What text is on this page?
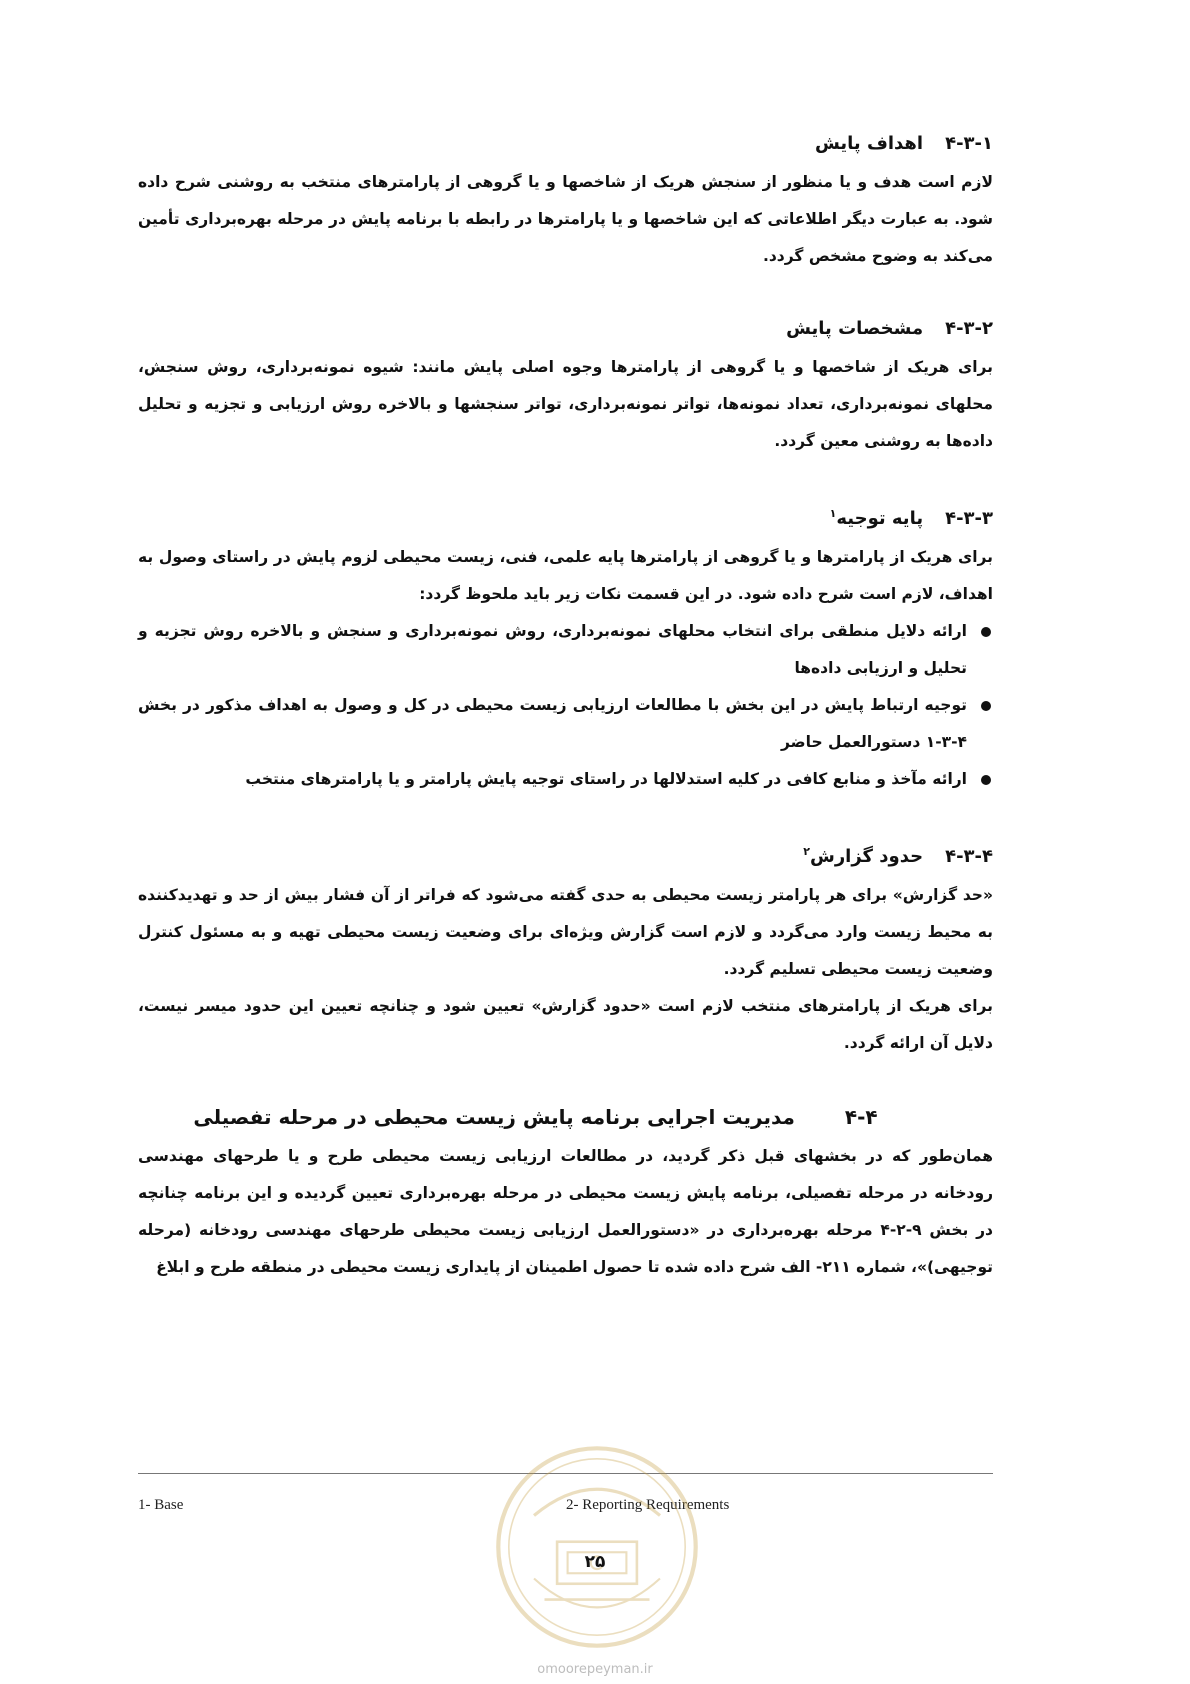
۴-۳-۱اهداف پایش

لازم است هدف و یا منظور از سنجش هریک از شاخصها و یا گروهی از پارامترهای منتخب به روشنی شرح داده شود. به عبارت دیگر اطلاعاتی که این شاخصها و یا پارامترها در رابطه با برنامه پایش در مرحله بهره‌برداری تأمین می‌کند به وضوح مشخص گردد.

۴-۳-۲مشخصات پایش

برای هریک از شاخصها و یا گروهی از پارامترها وجوه اصلی پایش مانند: شیوه نمونه‌برداری، روش سنجش، محلهای نمونه‌برداری، تعداد نمونه‌ها، تواتر نمونه‌برداری، تواتر سنجشها و بالاخره روش ارزیابی و تجزیه و تحلیل داده‌ها به روشنی معین گردد.

۴-۳-۳پایه توجیه$^۱$

برای هریک از پارامترها و یا گروهی از پارامترها پایه علمی، فنی، زیست محیطی لزوم پایش در راستای وصول به اهداف، لازم است شرح داده شود. در این قسمت نکات زیر باید ملحوظ گردد:

ارائه دلایل منطقی برای انتخاب محلهای نمونه‌برداری، روش نمونه‌برداری و سنجش و بالاخره روش تجزیه و تحلیل و ارزیابی داده‌ها
توجیه ارتباط پایش در این بخش با مطالعات ارزیابی زیست محیطی در کل و وصول به اهداف مذکور در بخش ۴-۳-۱ دستورالعمل حاضر
ارائه مآخذ و منابع کافی در کلیه استدلالها در راستای توجیه پایش پارامتر و یا پارامترهای منتخب
۴-۳-۴حدود گزارش$^۲$

«حد گزارش» برای هر پارامتر زیست محیطی به حدی گفته می‌شود که فراتر از آن فشار بیش از حد و تهدیدکننده به محیط زیست وارد می‌گردد و لازم است گزارش ویژه‌ای برای وضعیت زیست محیطی تهیه و به مسئول کنترل وضعیت زیست محیطی تسلیم گردد.

برای هریک از پارامترهای منتخب لازم است «حدود گزارش» تعیین شود و چنانچه تعیین این حدود میسر نیست، دلایل آن ارائه گردد.

۴-۴مدیریت اجرایی برنامه پایش زیست محیطی در مرحله تفصیلی

همان‌طور که در بخشهای قبل ذکر گردید، در مطالعات ارزیابی زیست محیطی طرح و یا طرحهای مهندسی رودخانه در مرحله تفصیلی، برنامه پایش زیست محیطی در مرحله بهره‌برداری تعیین گردیده و این برنامه چنانچه در بخش ۹-۲-۴ مرحله بهره‌برداری در «دستورالعمل ارزیابی زیست محیطی طرحهای مهندسی رودخانه (مرحله توجیهی)»، شماره ۲۱۱- الف شرح داده شده تا حصول اطمینان از پایداری زیست محیطی در منطقه طرح و ابلاغ

1- Base	2- Reporting Requirements
۲۵
omoorepeyman.ir
